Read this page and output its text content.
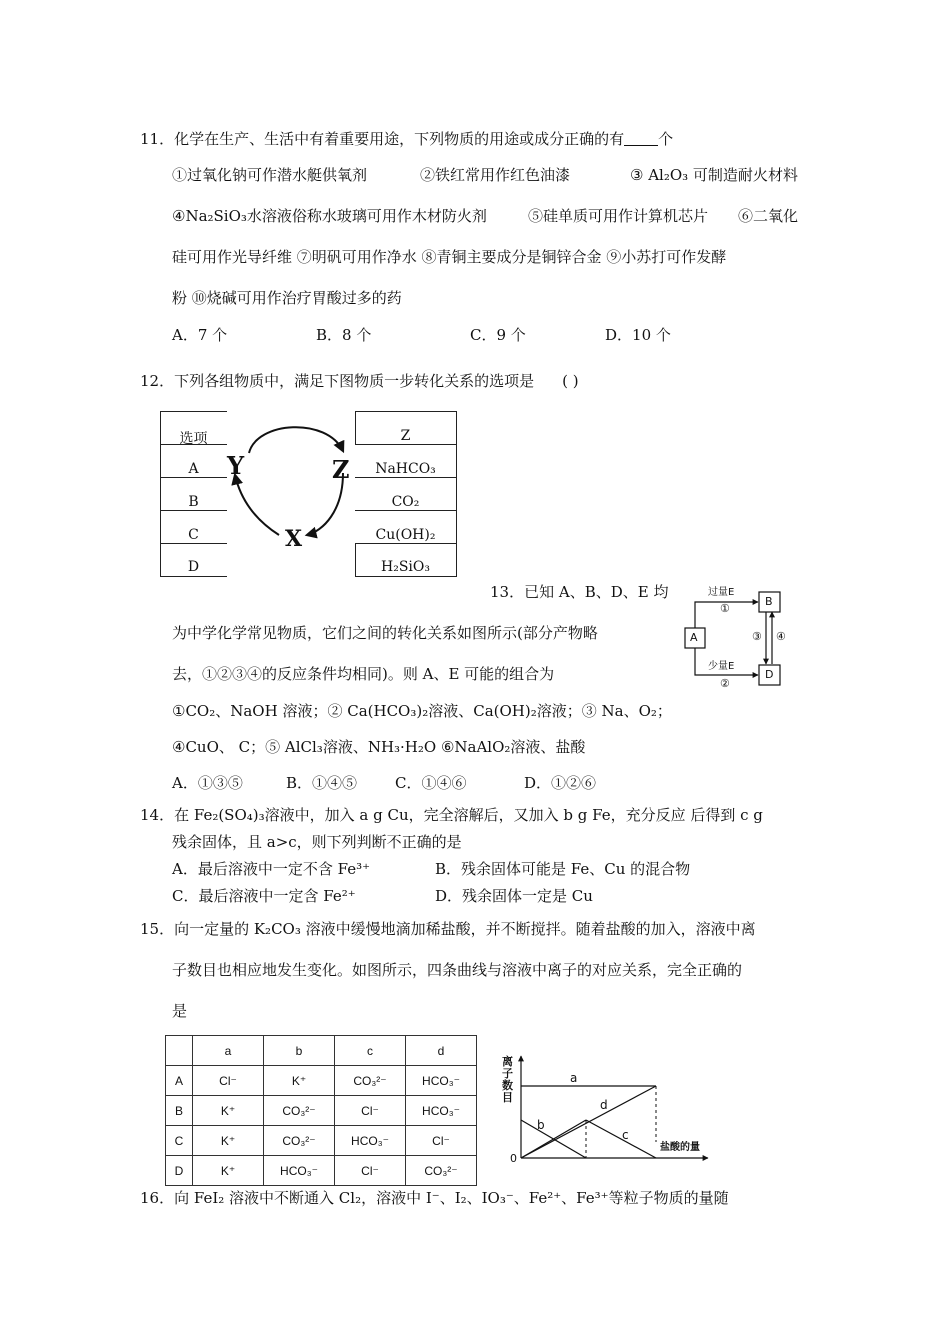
11．化学在生产、生活中有着重要用途，下列物质的用途或成分正确的有 个
①过氧化钠可作潜水艇供氧剂	②铁红常用作红色油漆	③ Al₂O₃ 可制造耐火材料
④Na₂SiO₃水溶液俗称水玻璃可用作木材防火剂	⑤硅单质可用作计算机芯片 ⑥二氧化
硅可用作光导纤维 ⑦明矾可用作净水 ⑧青铜主要成分是铜锌合金 ⑨小苏打可作发酵
粉 ⑩烧碱可用作治疗胃酸过多的药
A．7 个	B．8 个	C．9 个	D．10 个
12．下列各组物质中，满足下图物质一步转化关系的选项是 ( )
选项	Z
A	NaHCO₃
B	CO₂
C	Cu(OH)₂
D	H₂SiO₃
Y	Z
X
13．已知 A、B、D、E 均
为中学化学常见物质，它们之间的转化关系如图所示(部分产物略
去，①②③④的反应条件均相同)。则 A、E 可能的组合为
①CO₂、NaOH 溶液；② Ca(HCO₃)₂溶液、Ca(OH)₂溶液；③ Na、O₂；
④CuO、 C；⑤ AlCl₃溶液、NH₃·H₂O ⑥NaAlO₂溶液、盐酸
A．①③⑤	B．①④⑤	C．①④⑥	D．①②⑥
A
B
D
过量E
①
少量E
②
③ ④
14．在 Fe₂(SO₄)₃溶液中，加入 a g Cu，完全溶解后，又加入 b g Fe，充分反应 后得到 c g
残余固体，且 a>c，则下列判断不正确的是
A．最后溶液中一定不含 Fe³⁺	B．残余固体可能是 Fe、Cu 的混合物
C．最后溶液中一定含 Fe²⁺	D．残余固体一定是 Cu
15．向一定量的 K₂CO₃ 溶液中缓慢地滴加稀盐酸，并不断搅拌。随着盐酸的加入，溶液中离
子数目也相应地发生变化。如图所示，四条曲线与溶液中离子的对应关系，完全正确的
是
	a	b	c	d
A	Cl⁻	K⁺	CO₃²⁻	HCO₃⁻
B	K⁺	CO₃²⁻	Cl⁻	HCO₃⁻
C	K⁺	CO₃²⁻	HCO₃⁻	Cl⁻
D	K⁺	HCO₃⁻	Cl⁻	CO₃²⁻
离子数目
盐酸的量
0
a
b
c
d
16．向 FeI₂ 溶液中不断通入 Cl₂，溶液中 I⁻、I₂、IO₃⁻、Fe²⁺、Fe³⁺等粒子物质的量随
